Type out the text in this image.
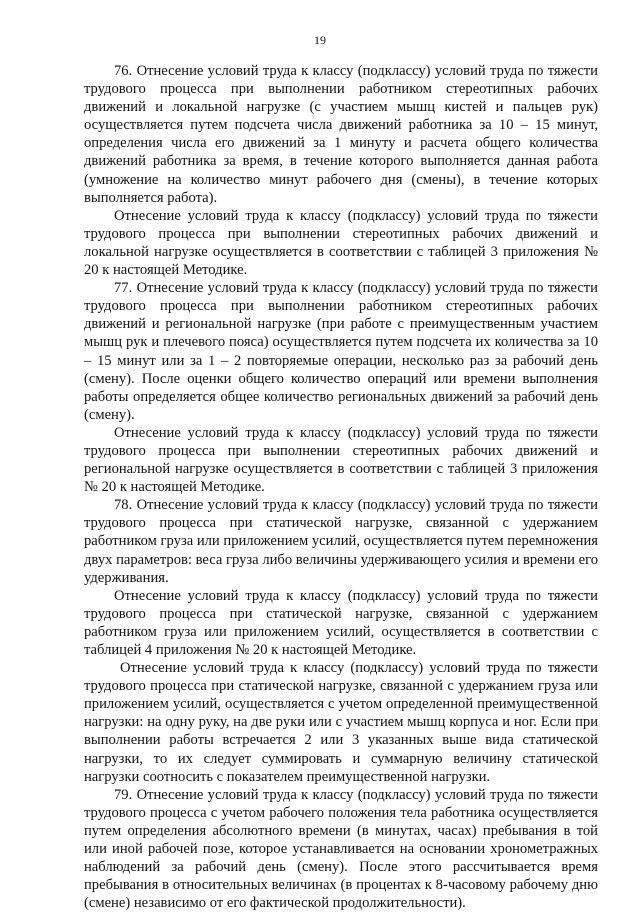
19

76. Отнесение условий труда к классу (подклассу) условий труда по тяжести трудового процесса при выполнении работником стереотипных рабочих движений и локальной нагрузке (с участием мышц кистей и пальцев рук) осуществляется путем подсчета числа движений работника за 10 – 15 минут, определения числа его движений за 1 минуту и расчета общего количества движений работника за время, в течение которого выполняется данная работа (умножение на количество минут рабочего дня (смены), в течение которых выполняется работа).

Отнесение условий труда к классу (подклассу) условий труда по тяжести трудового процесса при выполнении стереотипных рабочих движений и локальной нагрузке осуществляется в соответствии с таблицей 3 приложения № 20 к настоящей Методике.

77. Отнесение условий труда к классу (подклассу) условий труда по тяжести трудового процесса при выполнении работником стереотипных рабочих движений и региональной нагрузке (при работе с преимущественным участием мышц рук и плечевого пояса) осуществляется путем подсчета их количества за 10 – 15 минут или за 1 – 2 повторяемые операции, несколько раз за рабочий день (смену). После оценки общего количество операций или времени выполнения работы определяется общее количество региональных движений за рабочий день (смену).

Отнесение условий труда к классу (подклассу) условий труда по тяжести трудового процесса при выполнении стереотипных рабочих движений и региональной нагрузке осуществляется в соответствии с таблицей 3 приложения № 20 к настоящей Методике.

78. Отнесение условий труда к классу (подклассу) условий труда по тяжести трудового процесса при статической нагрузке, связанной с удержанием работником груза или приложением усилий, осуществляется путем перемножения двух параметров: веса груза либо величины удерживающего усилия и времени его удерживания.

Отнесение условий труда к классу (подклассу) условий труда по тяжести трудового процесса при статической нагрузке, связанной с удержанием работником груза или приложением усилий, осуществляется в соответствии с таблицей 4 приложения № 20 к настоящей Методике.

Отнесение условий труда к классу (подклассу) условий труда по тяжести трудового процесса при статической нагрузке, связанной с удержанием груза или приложением усилий, осуществляется с учетом определенной преимущественной нагрузки: на одну руку, на две руки или с участием мышц корпуса и ног. Если при выполнении работы встречается 2 или 3 указанных выше вида статической нагрузки, то их следует суммировать и суммарную величину статической нагрузки соотносить с показателем преимущественной нагрузки.

79. Отнесение условий труда к классу (подклассу) условий труда по тяжести трудового процесса с учетом рабочего положения тела работника осуществляется путем определения абсолютного времени (в минутах, часах) пребывания в той или иной рабочей позе, которое устанавливается на основании хронометражных наблюдений за рабочий день (смену). После этого рассчитывается время пребывания в относительных величинах (в процентах к 8-часовому рабочему дню (смене) независимо от его фактической продолжительности).
